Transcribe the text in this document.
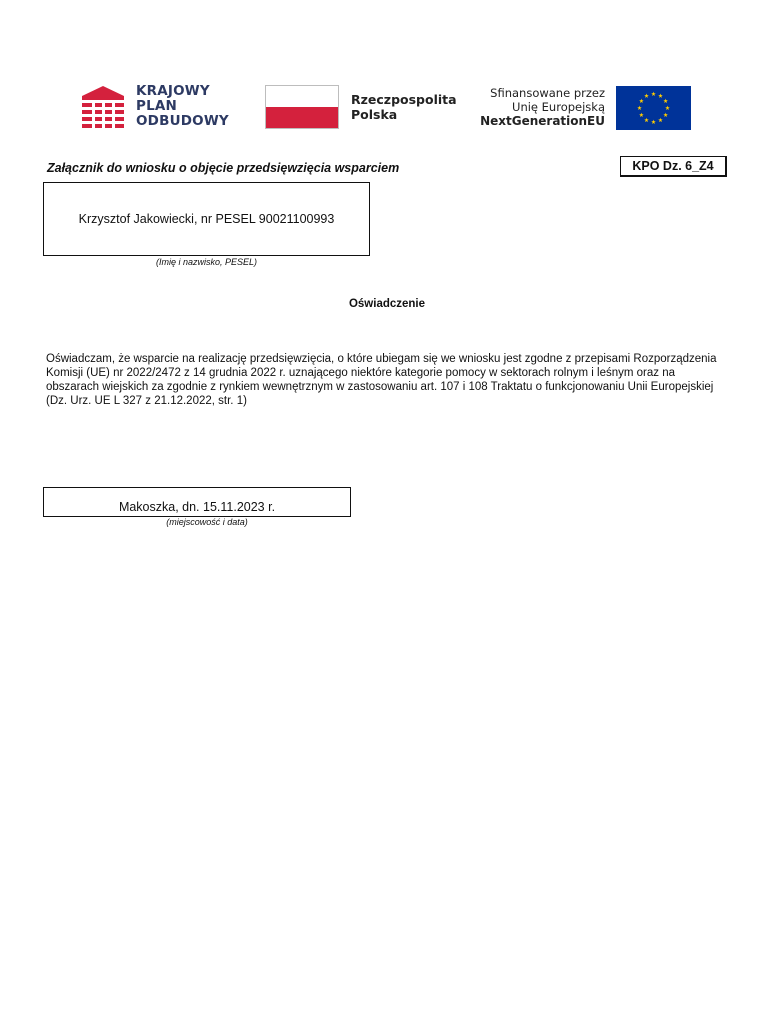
KRAJOWY
PLAN
ODBUDOWY
Rzeczpospolita
Polska
Sfinansowane przez
Unię Europejską
NextGenerationEU
Załącznik do wniosku o objęcie przedsięwzięcia wsparciem	KPO Dz. 6_Z4
Krzysztof Jakowiecki, nr PESEL 90021100993
(Imię i nazwisko, PESEL)
Oświadczenie
Oświadczam, że wsparcie na realizację przedsięwzięcia, o które ubiegam się we wniosku jest zgodne z przepisami Rozporządzenia Komisji (UE) nr 2022/2472 z 14 grudnia 2022 r. uznającego niektóre kategorie pomocy w sektorach rolnym i leśnym oraz na obszarach wiejskich za zgodnie z rynkiem wewnętrznym w zastosowaniu art. 107 i 108 Traktatu o funkcjonowaniu Unii Europejskiej (Dz. Urz. UE L 327 z 21.12.2022, str. 1)
Makoszka, dn. 15.11.2023 r.
(miejscowość i data)
